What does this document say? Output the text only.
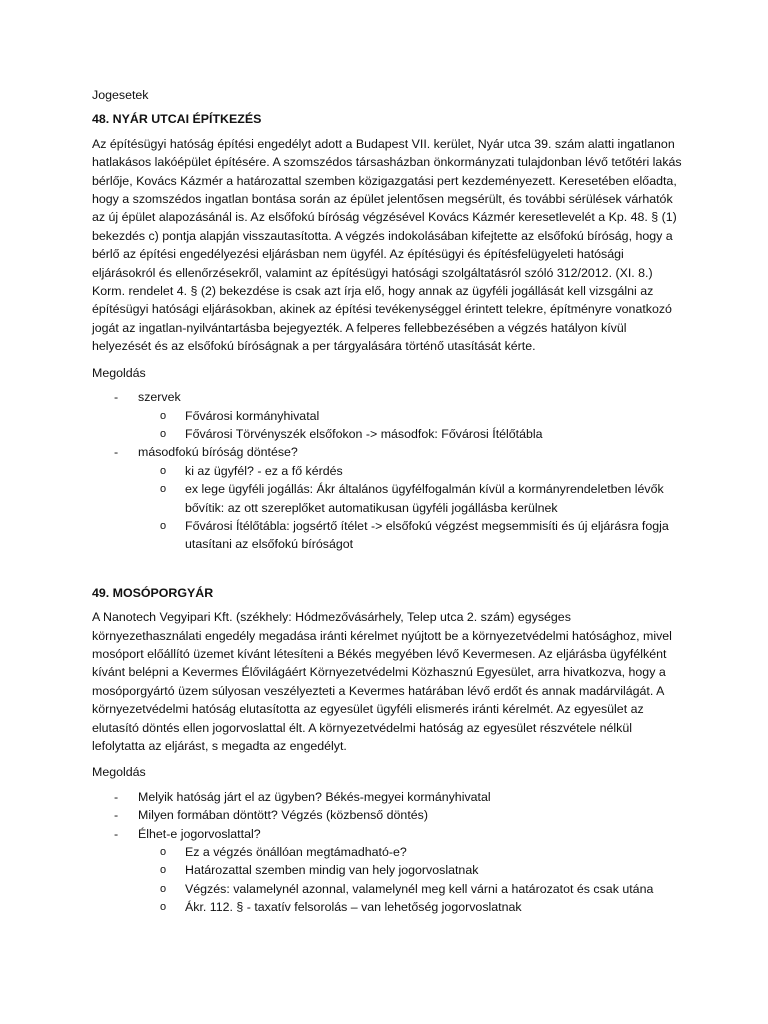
Jogesetek
48. NYÁR UTCAI ÉPÍTKEZÉS

Az építésügyi hatóság építési engedélyt adott a Budapest VII. kerület, Nyár utca 39. szám alatti ingatlanon hatlakásos lakóépület építésére. A szomszédos társasházban önkormányzati tulajdonban lévő tetőtéri lakás bérlője, Kovács Kázmér a határozattal szemben közigazgatási pert kezdeményezett. Keresetében előadta, hogy a szomszédos ingatlan bontása során az épület jelentősen megsérült, és további sérülések várhatók az új épület alapozásánál is. Az elsőfokú bíróság végzésével Kovács Kázmér keresetlevelét a Kp. 48. § (1) bekezdés c) pontja alapján visszautasította. A végzés indokolásában kifejtette az elsőfokú bíróság, hogy a bérlő az építési engedélyezési eljárásban nem ügyfél. Az építésügyi és építésfelügyeleti hatósági eljárásokról és ellenőrzésekről, valamint az építésügyi hatósági szolgáltatásról szóló 312/2012. (XI. 8.) Korm. rendelet 4. § (2) bekezdése is csak azt írja elő, hogy annak az ügyféli jogállását kell vizsgálni az építésügyi hatósági eljárásokban, akinek az építési tevékenységgel érintett telekre, építményre vonatkozó jogát az ingatlan-nyilvántartásba bejegyezték. A felperes fellebbezésében a végzés hatályon kívül helyezését és az elsőfokú bíróságnak a per tárgyalására történő utasítását kérte.

Megoldás
- szervek
o Fővárosi kormányhivatal
o Fővárosi Törvényszék elsőfokon -> másodfok: Fővárosi Ítélőtábla
- másodfokú bíróság döntése?
o ki az ügyfél? - ez a fő kérdés
o ex lege ügyféli jogállás: Ákr általános ügyfélfogalmán kívül a kormányrendeletben lévők bővítik: az ott szereplőket automatikusan ügyféli jogállásba kerülnek
o Fővárosi Ítélőtábla: jogsértő ítélet -> elsőfokú végzést megsemmisíti és új eljárásra fogja utasítani az elsőfokú bíróságot
49. MOSÓPORGYÁR

A Nanotech Vegyipari Kft. (székhely: Hódmezővásárhely, Telep utca 2. szám) egységes környezethasználati engedély megadása iránti kérelmet nyújtott be a környezetvédelmi hatósághoz, mivel mosóport előállító üzemet kívánt létesíteni a Békés megyében lévő Kevermesen. Az eljárásba ügyfélként kívánt belépni a Kevermes Élővilágáért Környezetvédelmi Közhasznú Egyesület, arra hivatkozva, hogy a mosóporgyártó üzem súlyosan veszélyezteti a Kevermes határában lévő erdőt és annak madárvilágát. A környezetvédelmi hatóság elutasította az egyesület ügyféli elismerés iránti kérelmét. Az egyesület az elutasító döntés ellen jogorvoslattal élt. A környezetvédelmi hatóság az egyesület részvétele nélkül lefolytatta az eljárást, s megadta az engedélyt.

Megoldás
- Melyik hatóság járt el az ügyben? Békés-megyei kormányhivatal
- Milyen formában döntött? Végzés (közbenső döntés)
- Élhet-e jogorvoslattal?
o Ez a végzés önállóan megtámadható-e?
o Határozattal szemben mindig van hely jogorvoslatnak
o Végzés: valamelynél azonnal, valamelynél meg kell várni a határozatot és csak utána
o Ákr. 112. § - taxatív felsorolás – van lehetőség jogorvoslatnak
